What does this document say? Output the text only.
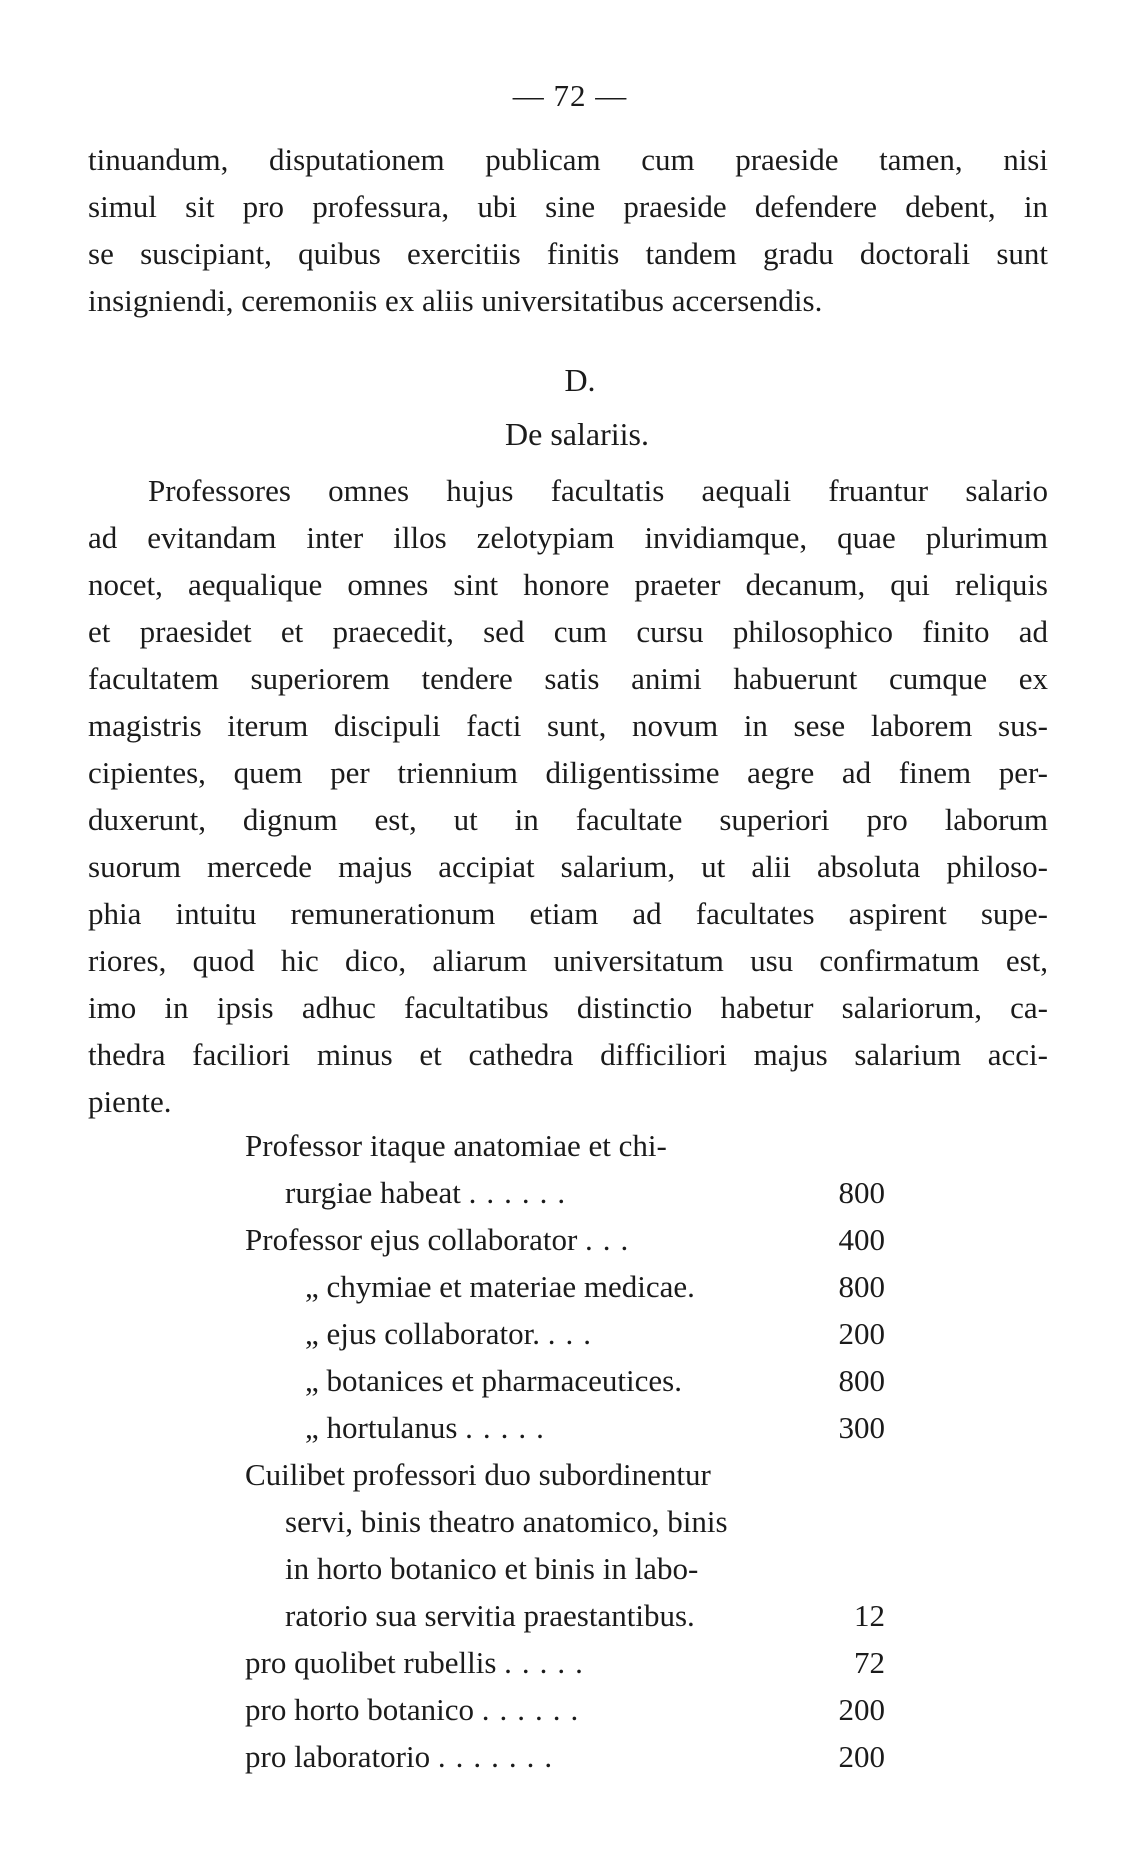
— 72 —
tinuandum, disputationem publicam cum praeside tamen, nisi
simul sit pro professura, ubi sine praeside defendere debent, in
se suscipiant, quibus exercitiis finitis tandem gradu doctorali sunt
insigniendi, ceremoniis ex aliis universitatibus accersendis.
D.
De salariis.
Professores omnes hujus facultatis aequali fruantur salario
ad evitandam inter illos zelotypiam invidiamque, quae plurimum
nocet, aequalique omnes sint honore praeter decanum, qui reliquis
et praesidet et praecedit, sed cum cursu philosophico finito ad
facultatem superiorem tendere satis animi habuerunt cumque ex
magistris iterum discipuli facti sunt, novum in sese laborem sus-
cipientes, quem per triennium diligentissime aegre ad finem per-
duxerunt, dignum est, ut in facultate superiori pro laborum
suorum mercede majus accipiat salarium, ut alii absoluta philoso-
phia intuitu remunerationum etiam ad facultates aspirent supe-
riores, quod hic dico, aliarum universitatum usu confirmatum est,
imo in ipsis adhuc facultatibus distinctio habetur salariorum, ca-
thedra faciliori minus et cathedra difficiliori majus salarium acci-
piente.
Professor itaque anatomiae et chi-
rurgiae habeat ......	800
Professor ejus collaborator ...	400
„ chymiae et materiae medicae.	800
„ ejus collaborator. ...	200
„ botanices et pharmaceutices.	800
„ hortulanus .....	300
Cuilibet professori duo subordinentur
servi, binis theatro anatomico, binis
in horto botanico et binis in labo-
ratorio sua servitia praestantibus.	12
pro quolibet rubellis .....	72
pro horto botanico ......	200
pro laboratorio .......	200
